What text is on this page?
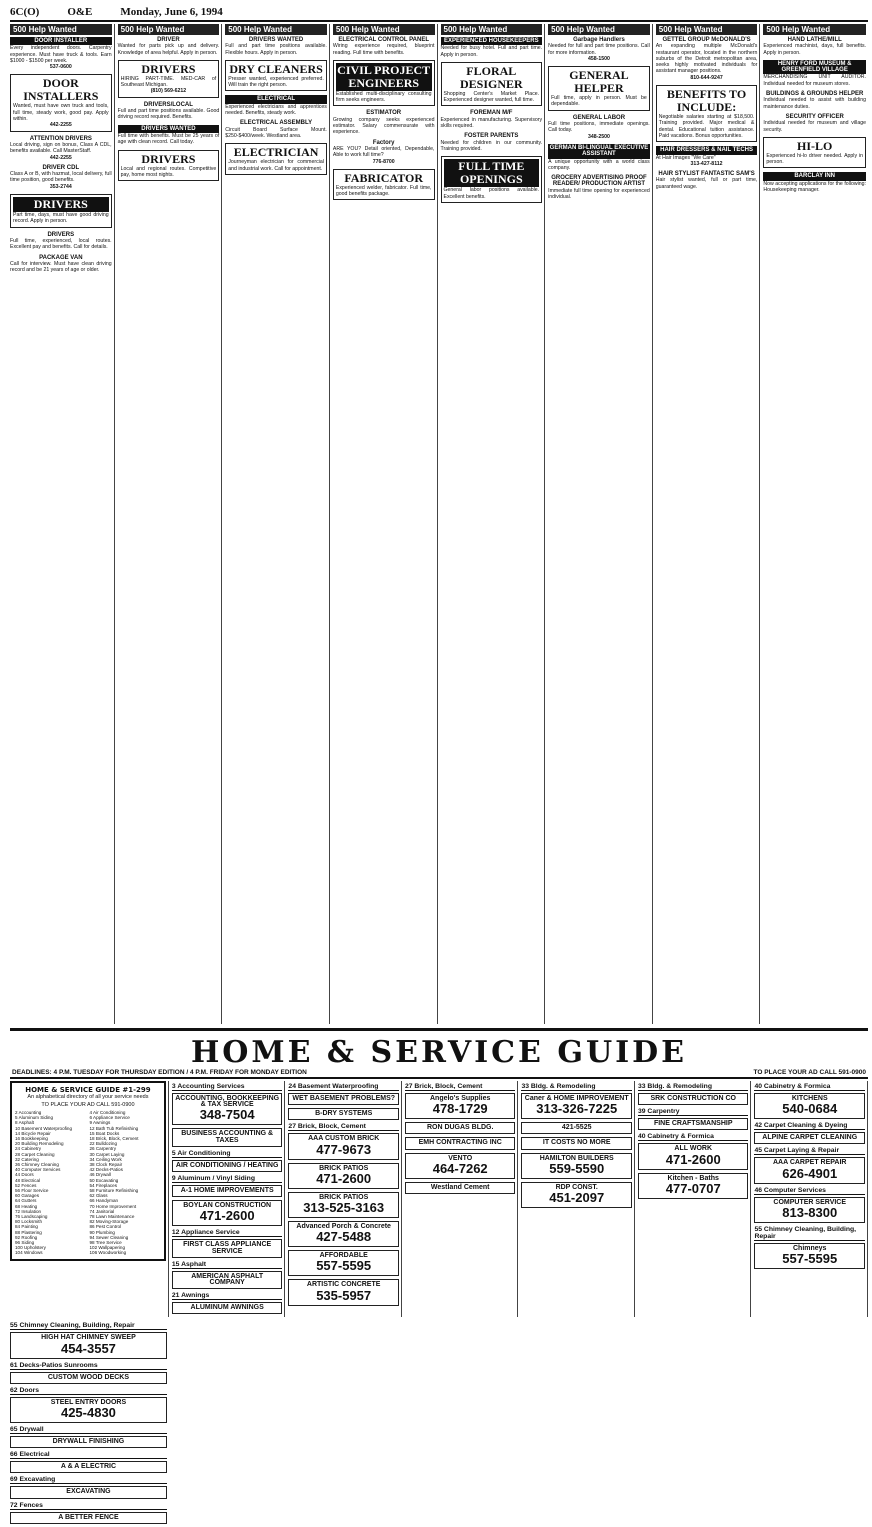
6C(O)	O&E	Monday, June 6, 1994
500 Help Wanted
DOOR INSTALLER
Every independent doors. Carpentry experience. Must have truck & tools. Earn $1000 - $1500 per week.
537-0600
DOOR INSTALLERS
Wanted, must have own truck and tools, full time, steady work, good pay. Apply within.
442-2255
ATTENTION DRIVERS
Local driving, sign on bonus, Class A CDL, benefits available. Call MasterStaff.
442-2255
DRIVER CDL
Class A or B, with hazmat, local delivery, full time position, good benefits.
353-2744
DRIVERS
Part time, days, must have good driving record. Apply in person.
DRIVERS
Full time, experienced, local routes. Excellent pay and benefits. Call for details.
PACKAGE VAN
Call for interview. Must have clean driving record and be 21 years of age or older.
500 Help Wanted
DRIVER
Wanted for parts pick up and delivery. Knowledge of area helpful. Apply in person.
DRIVERS
HIRING PART-TIME. MED-CAR of Southeast Michigan.
(810) 569-6212
DRIVERS/LOCAL
Full and part time positions available. Good driving record required. Benefits.
DRIVERS WANTED
Full time with benefits. Must be 25 years of age with clean record. Call today.
DRIVERS
Local and regional routes. Competitive pay, home most nights.
500 Help Wanted
DRIVERS WANTED
Full and part time positions available. Flexible hours. Apply in person.
DRY CLEANERS
Presser wanted, experienced preferred. Will train the right person.
ELECTRICAL
Experienced electricians and apprentices needed. Benefits, steady work.
ELECTRICAL ASSEMBLY
Circuit Board Surface Mount. $250-$400/week. Westland area.
ELECTRICIAN
Journeyman electrician for commercial and industrial work. Call for appointment.
500 Help Wanted
ELECTRICAL CONTROL PANEL
Wiring experience required, blueprint reading. Full time with benefits.
CIVIL PROJECT ENGINEERS
Established multi-disciplinary consulting firm seeks engineers.
ESTIMATOR
Growing company seeks experienced estimator. Salary commensurate with experience.
Factory
ARE YOU? Detail oriented, Dependable, Able to work full time?
776-8700
FABRICATOR
Experienced welder, fabricator. Full time, good benefits package.
500 Help Wanted
EXPERIENCED HOUSEKEEPERS
Needed for busy hotel. Full and part time. Apply in person.
FLORAL DESIGNER
Shopping Center's Market Place. Experienced designer wanted, full time.
FOREMAN M/F
Experienced in manufacturing. Supervisory skills required.
FOSTER PARENTS
Needed for children in our community. Training provided.
FULL TIME OPENINGS
General labor positions available. Excellent benefits.
500 Help Wanted
Garbage Handlers
Needed for full and part time positions. Call for more information.
458-1500
GENERAL HELPER
Full time, apply in person. Must be dependable.
GENERAL LABOR
Full time positions, immediate openings. Call today.
348-2500
GERMAN BI-LINGUAL EXECUTIVE ASSISTANT
A unique opportunity with a world class company.
GROCERY ADVERTISING PROOF READER/ PRODUCTION ARTIST
Immediate full time opening for experienced individual.
500 Help Wanted
GETTEL GROUP McDONALD'S
An expanding multiple McDonald's restaurant operator, located in the northern suburbs of the Detroit metropolitan area, seeks highly motivated individuals for assistant manager positions.
810-644-9247
BENEFITS TO INCLUDE:
Negotiable salaries starting at $18,500. Training provided. Major medical & dental. Educational tuition assistance. Paid vacations. Bonus opportunities.
HAIR DRESSERS & NAIL TECHS
At Hair Images "We Care"
313-427-8112
HAIR STYLIST FANTASTIC SAM'S
Hair stylist wanted, full or part time, guaranteed wage.
500 Help Wanted
HAND LATHE/MILL
Experienced machinist, days, full benefits. Apply in person.
HENRY FORD MUSEUM & GREENFIELD VILLAGE
MERCHANDISING UNIT AUDITOR. Individual needed for museum stores.
BUILDINGS & GROUNDS HELPER
Individual needed to assist with building maintenance duties.
SECURITY OFFICER
Individual needed for museum and village security.
HI-LO
Experienced hi-lo driver needed. Apply in person.
BARCLAY INN
Now accepting applications for the following: Housekeeping manager.
HOME & SERVICE GUIDE
DEADLINES: 4 P.M. TUESDAY FOR THURSDAY EDITION / 4 P.M. FRIDAY FOR MONDAY EDITION	TO PLACE YOUR AD CALL 591-0900
HOME & SERVICE GUIDE #1-299
An alphabetical directory of all your service needs
TO PLACE YOUR AD CALL 591-0900
2 Accounting	4 Air Conditioning
5 Aluminum Siding	6 Appliance Service
8 Asphalt	9 Awnings
10 Basement Waterproofing	12 Bath Tub Refinishing
14 Bicycle Repair	15 Boat Docks
16 Bookkeeping	18 Brick, Block, Cement
20 Building Remodeling	22 Bulldozing
24 Cabinetry	26 Carpentry
28 Carpet Cleaning	30 Carpet Laying
32 Catering	34 Ceiling Work
36 Chimney Cleaning	38 Clock Repair
40 Computer Services	42 Decks-Patios
44 Doors	46 Drywall
48 Electrical	50 Excavating
52 Fences	54 Fireplaces
56 Floor Service	58 Furniture Refinishing
60 Garages	62 Glass
64 Gutters	66 Handyman
68 Heating	70 Home Improvement
72 Insulation	74 Janitorial
76 Landscaping	78 Lawn Maintenance
80 Locksmith	82 Moving-Storage
84 Painting	86 Pest Control
88 Plastering	90 Plumbing
92 Roofing	94 Sewer Cleaning
96 Siding	98 Tree Service
100 Upholstery	102 Wallpapering
104 Windows	106 Woodworking
3 Accounting Services
ACCOUNTING, BOOKKEEPING & TAX SERVICE
348-7504
BUSINESS ACCOUNTING & TAXES
5 Air Conditioning
AIR CONDITIONING / HEATING
9 Aluminum / Vinyl Siding
A-1 HOME IMPROVEMENTS
BOYLAN CONSTRUCTION
471-2600
12 Appliance Service
FIRST CLASS APPLIANCE SERVICE
15 Asphalt
AMERICAN ASPHALT COMPANY
21 Awnings
ALUMINUM AWNINGS
24 Basement Waterproofing
WET BASEMENT PROBLEMS?
B-DRY SYSTEMS
27 Brick, Block, Cement
AAA CUSTOM BRICK
477-9673
BRICK PATIOS
471-2600
BRICK PATIOS
313-525-3163
Advanced Porch & Concrete
427-5488
AFFORDABLE
557-5595
ARTISTIC CONCRETE
535-5957
27 Brick, Block, Cement
Angelo's Supplies
478-1729
RON DUGAS BLDG.
EMH CONTRACTING INC
VENTO
464-7262
Westland Cement
33 Bldg. & Remodeling
Caner & HOME IMPROVEMENT
313-326-7225
421-5525
IT COSTS NO MORE
HAMILTON BUILDERS
559-5590
RDP CONST.
451-2097
33 Bldg. & Remodeling
SRK CONSTRUCTION CO
39 Carpentry
FINE CRAFTSMANSHIP
40 Cabinetry & Formica
ALL WORK
471-2600
Kitchen - Baths
477-0707
40 Cabinetry & Formica
KITCHENS
540-0684
42 Carpet Cleaning & Dyeing
ALPINE CARPET CLEANING
45 Carpet Laying & Repair
AAA CARPET REPAIR
626-4901
46 Computer Services
COMPUTER SERVICE
813-8300
55 Chimney Cleaning, Building, Repair
Chimneys
557-5595
55 Chimney Cleaning, Building, Repair
HIGH HAT CHIMNEY SWEEP
454-3557
61 Decks-Patios Sunrooms
CUSTOM WOOD DECKS
62 Doors
STEEL ENTRY DOORS
425-4830
65 Drywall
DRYWALL FINISHING
66 Electrical
A & A ELECTRIC
69 Excavating
EXCAVATING
72 Fences
A BETTER FENCE
